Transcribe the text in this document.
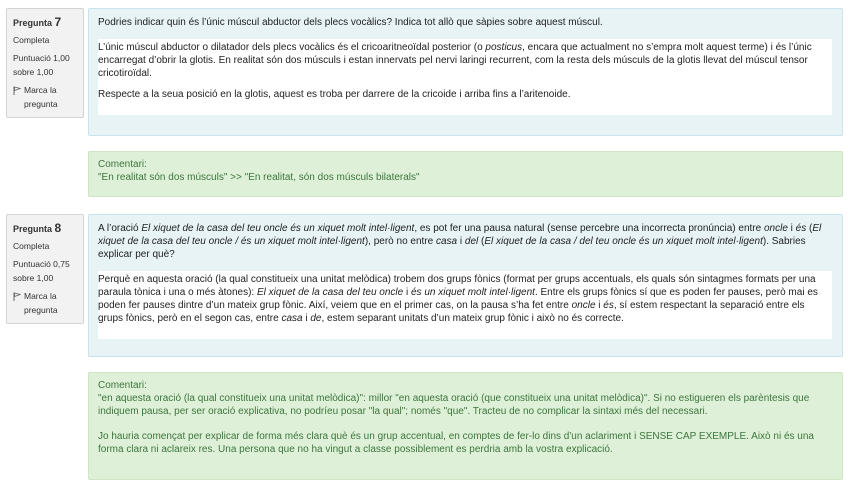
Pregunta 7
Completa
Puntuació 1,00
sobre 1,00
Marca la
pregunta

Podries indicar quin és l’únic múscul abductor dels plecs vocàlics? Indica tot allò que sàpies sobre aquest múscul.

L’únic múscul abductor o dilatador dels plecs vocàlics és el cricoaritneoïdal posterior (o posticus, encara que actualment no s’empra molt aquest terme) i és l’únic encarregat d’obrir la glotis. En realitat són dos músculs i estan innervats pel nervi laringi recurrent, com la resta dels músculs de la glotis llevat del múscul tensor cricotiroïdal.

Respecte a la seua posició en la glotis, aquest es troba per darrere de la cricoide i arriba fins a l’aritenoide.

Comentari:

"En realitat són dos músculs" >> "En realitat, són dos músculs bilaterals"

Pregunta 8
Completa
Puntuació 0,75
sobre 1,00
Marca la
pregunta

A l’oració El xiquet de la casa del teu oncle és un xiquet molt intel·ligent, es pot fer una pausa natural (sense percebre una incorrecta pronúncia) entre oncle i és (El xiquet de la casa del teu oncle / és un xiquet molt intel·ligent), però no entre casa i del (El xiquet de la casa / del teu oncle és un xiquet molt intel·ligent). Sabries explicar per què?

Perquè en aquesta oració (la qual constitueix una unitat melòdica) trobem dos grups fònics (format per grups accentuals, els quals són sintagmes formats per una paraula tònica i una o més àtones): El xiquet de la casa del teu oncle i és un xiquet molt intel·ligent. Entre els grups fònics sí que es poden fer pauses, però mai es poden fer pauses dintre d’un mateix grup fònic. Així, veiem que en el primer cas, on la pausa s’ha fet entre oncle i és, sí estem respectant la separació entre els grups fònics, però en el segon cas, entre casa i de, estem separant unitats d’un mateix grup fònic i això no és correcte.

Comentari:

"en aquesta oració (la qual constitueix una unitat melòdica)": millor "en aquesta oració (que constitueix una unitat melòdica)". Si no estigueren els parèntesis que indiquem pausa, per ser oració explicativa, no podríeu posar "la qual"; només "que". Tracteu de no complicar la sintaxi més del necessari.

Jo hauria començat per explicar de forma més clara què és un grup accentual, en comptes de fer-lo dins d'un aclariment i SENSE CAP EXEMPLE. Això ni és una forma clara ni aclareix res. Una persona que no ha vingut a classe possiblement es perdria amb la vostra explicació.
